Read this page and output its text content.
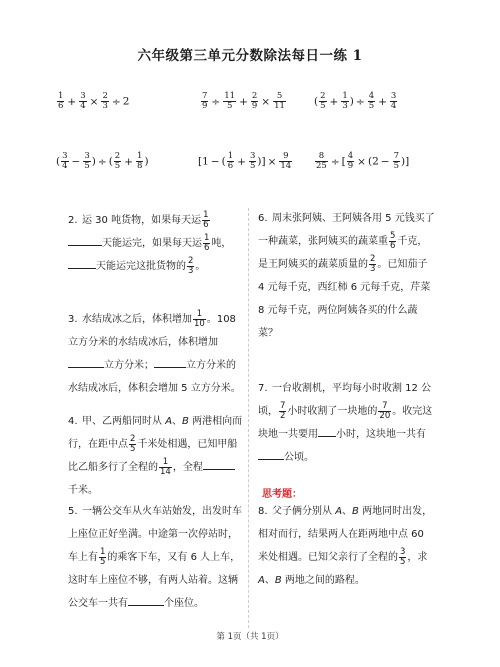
六年级第三单元分数除法每日一练 1
$\frac{1}{6} + \frac{3}{4} \times \frac{2}{3} \div 2$	$\frac{7}{9} \div \frac{11}{5} + \frac{2}{9} \times \frac{5}{11}$	( $\frac{2}{5} + \frac{1}{3}$ ) ÷ $\frac{4}{5} + \frac{3}{4}$
( $\frac{3}{4} - \frac{3}{5}$ ) ÷ ( $\frac{2}{5} + \frac{1}{8}$ )	[1 − ( $\frac{1}{6} + \frac{3}{5}$ )] × $\frac{9}{14}$	$\frac{8}{25}$ ÷ [ $\frac{4}{9} \times (2 - \frac{7}{5}$ )]
2. 运 30 吨货物，如果每天运 $\frac{1}{6}$
天能运完，如果每天运 $\frac{1}{6}$ 吨，天能运完这批货物的 $\frac{2}{3}$ 。
3. 水结成冰之后，体积增加 $\frac{1}{10}$ 。108 立方分米的水结成冰后，体积增加立方分米；	立方分米的水结成冰后，体积会增加 5 立方分米。
4. 甲、乙两船同时从 A、B 两港相向而行，在距中点 $\frac{2}{5}$ 千米处相遇，已知甲船比乙船多行了全程的 $\frac{1}{14}$ ，全程千米。
5. 一辆公交车从火车站始发，出发时车上座位正好坐满。中途第一次停站时，车上有 $\frac{1}{5}$ 的乘客下车，又有 6 人上车，这时车上座位不够，有两人站着。这辆公交车一共有	个座位。
6. 周末张阿姨、王阿姨各用 5 元钱买了一种蔬菜，张阿姨买的蔬菜重 $\frac{5}{6}$ 千克，是王阿姨买的蔬菜质量的 $\frac{2}{3}$ 。已知茄子 4 元每千克，西红柿 6 元每千克，芹菜 8 元每千克，两位阿姨各买的什么蔬菜？
7. 一台收割机，平均每小时收割 12 公顷， $\frac{7}{2}$ 小时收割了一块地的 $\frac{7}{20}$ 。收完这块地一共要用 小时，这块地一共有公顷。
思考题：
8. 父子俩分别从 A、B 两地同时出发，相对而行，结果两人在距两地中点 60 米处相遇。已知父亲行了全程的 $\frac{3}{5}$ ，求 A、B 两地之间的路程。
第 1页（共 1页）
